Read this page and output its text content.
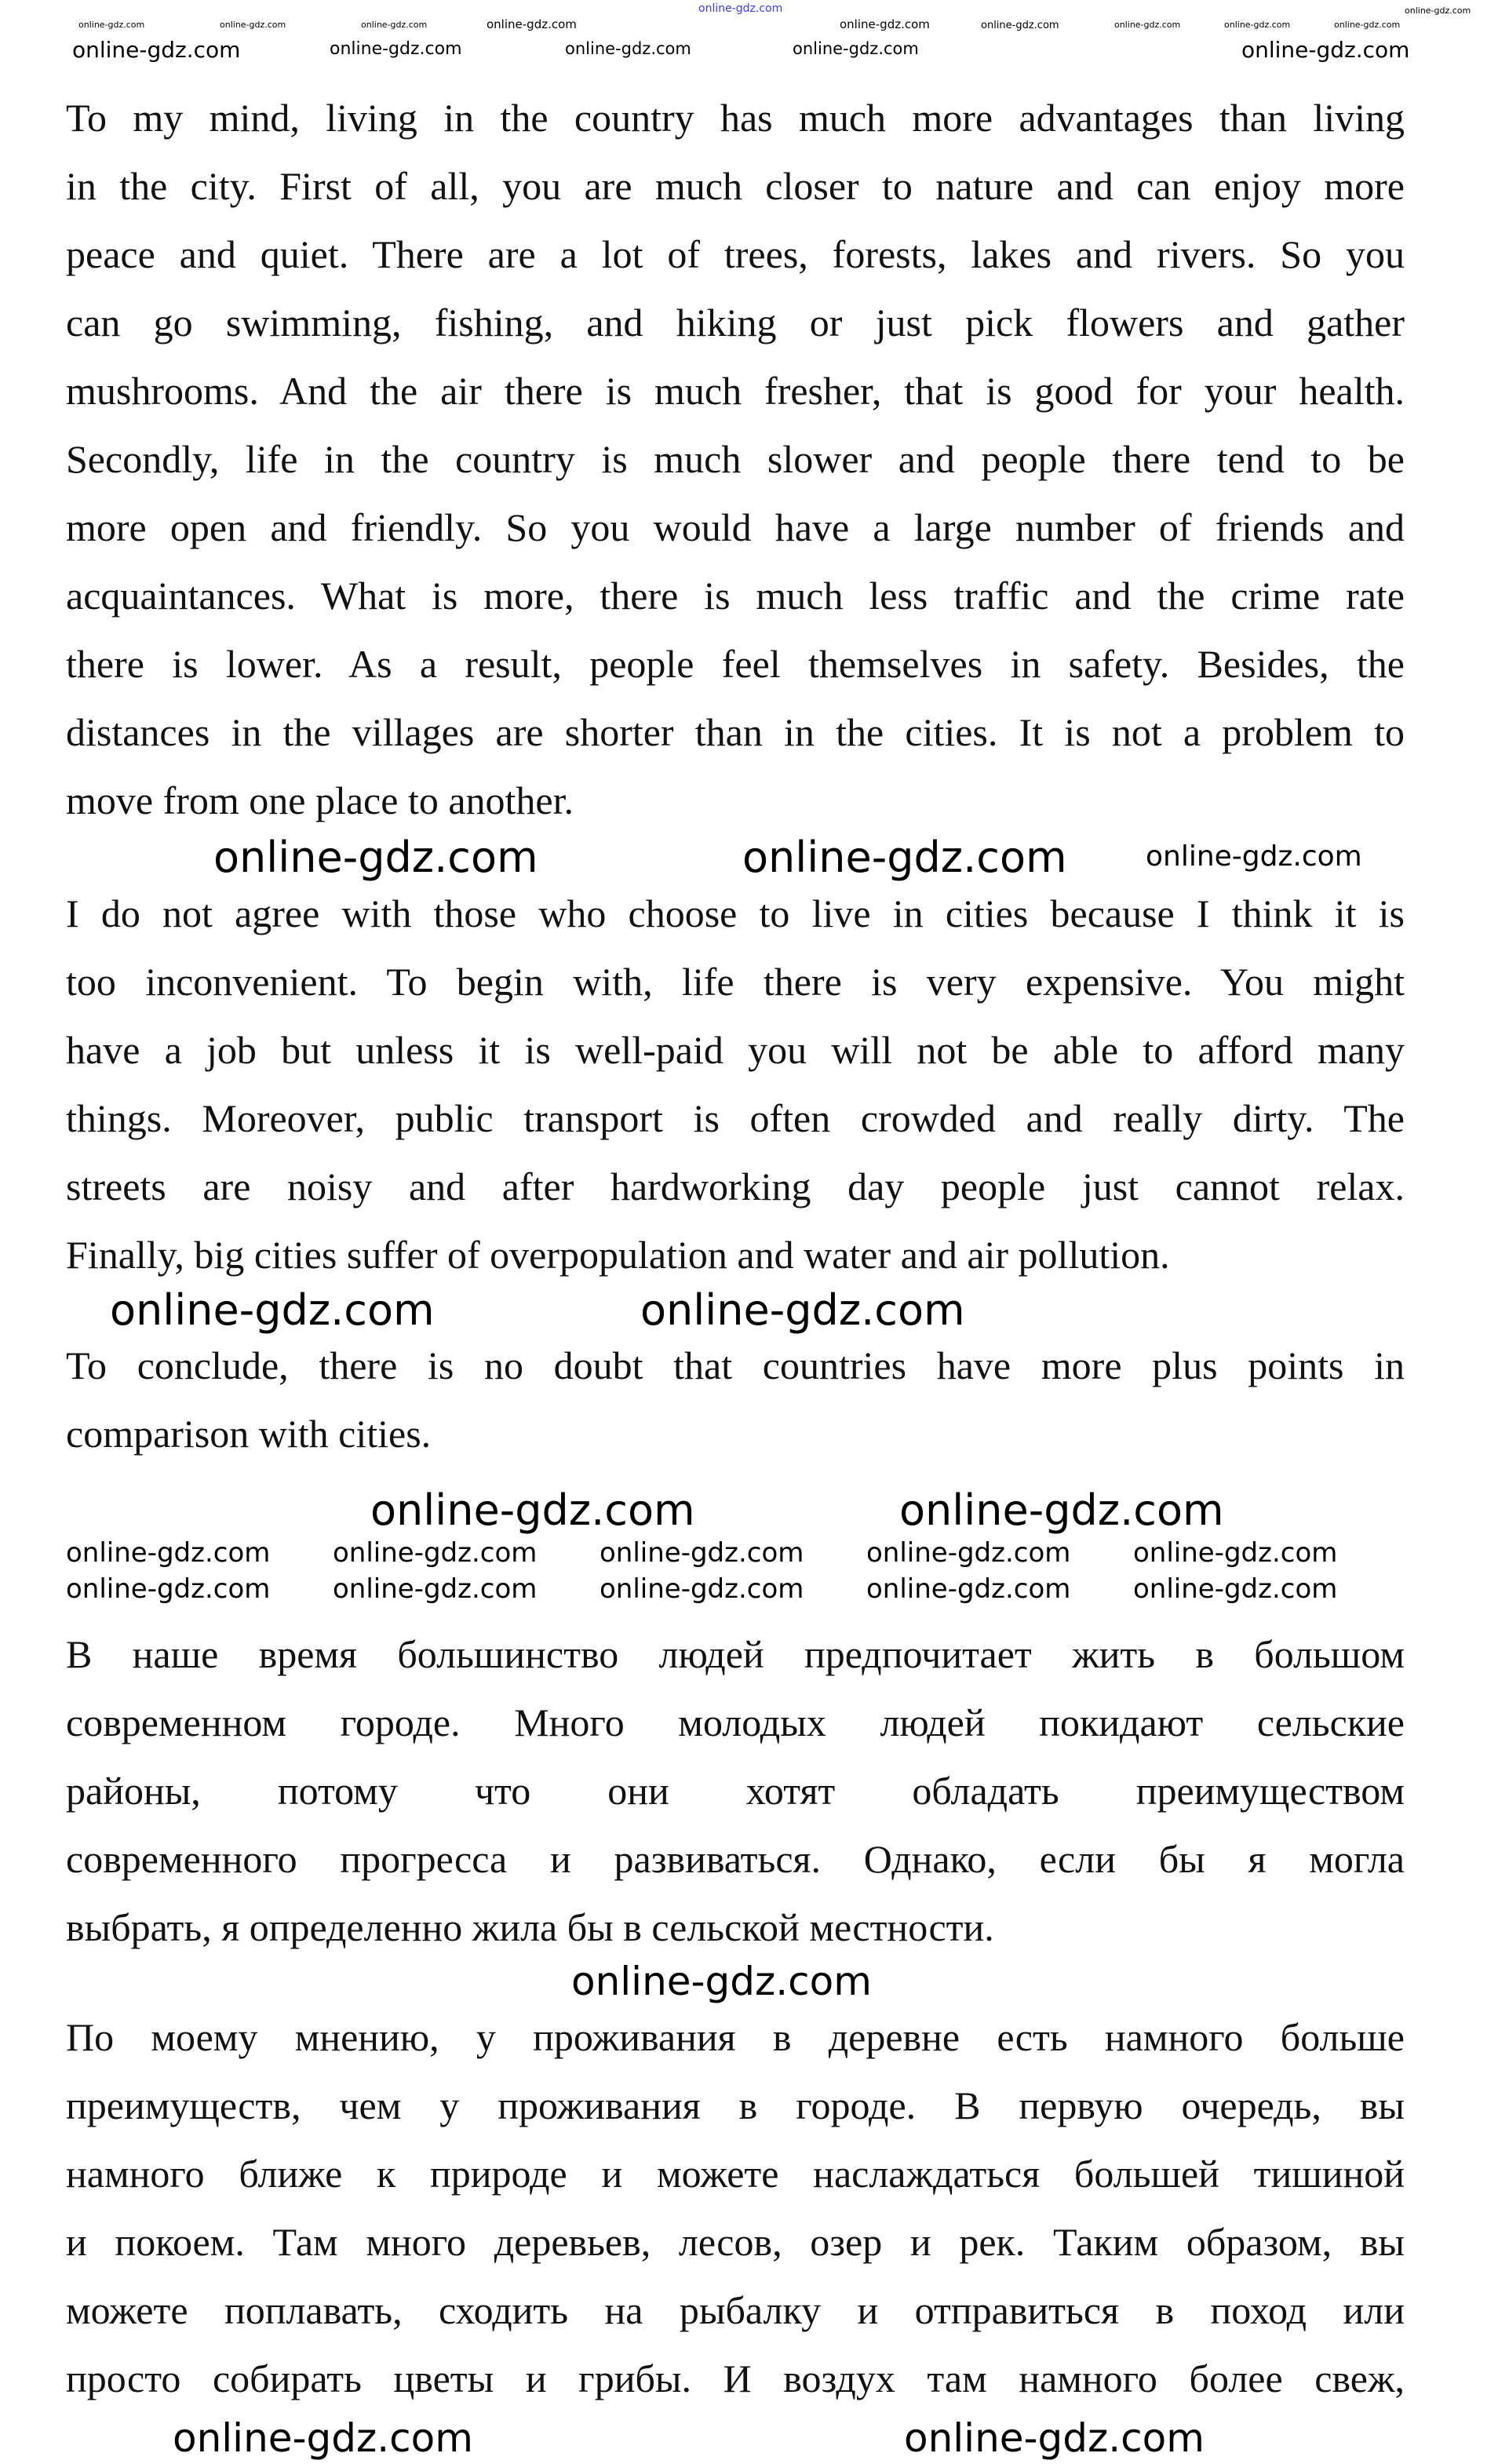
To my mind, living in the country has much more advantages than living
in the city. First of all, you are much closer to nature and can enjoy more
peace and quiet. There are a lot of trees, forests, lakes and rivers. So you
can go swimming, fishing, and hiking or just pick flowers and gather
mushrooms. And the air there is much fresher, that is good for your health.
Secondly, life in the country is much slower and people there tend to be
more open and friendly. So you would have a large number of friends and
acquaintances. What is more, there is much less traffic and the crime rate
there is lower. As a result, people feel themselves in safety. Besides, the
distances in the villages are shorter than in the cities. It is not a problem to
move from one place to another.
I do not agree with those who choose to live in cities because I think it is
too inconvenient. To begin with, life there is very expensive. You might
have a job but unless it is well-paid you will not be able to afford many
things. Moreover, public transport is often crowded and really dirty. The
streets are noisy and after hardworking day people just cannot relax.
Finally, big cities suffer of overpopulation and water and air pollution.
To conclude, there is no doubt that countries have more plus points in
comparison with cities.
В наше время большинство людей предпочитает жить в большом
современном городе. Много молодых людей покидают сельские
районы, потому что они хотят обладать преимуществом
современного прогресса и развиваться. Однако, если бы я могла
выбрать, я определенно жила бы в сельской местности.
По моему мнению, у проживания в деревне есть намного больше
преимуществ, чем у проживания в городе. В первую очередь, вы
намного ближе к природе и можете наслаждаться большей тишиной
и покоем. Там много деревьев, лесов, озер и рек. Таким образом, вы
можете поплавать, сходить на рыбалку и отправиться в поход или
просто собирать цветы и грибы. И воздух там намного более свеж,
online-gdz.com
online-gdz.com	online-gdz.com	online-gdz.com	online-gdz.com	online-gdz.com	online-gdz.com	online-gdz.com	online-gdz.com	online-gdz.com
online-gdz.com
online-gdz.com	online-gdz.com	online-gdz.com	online-gdz.com	online-gdz.com
online-gdz.com	online-gdz.com	online-gdz.com
online-gdz.com	online-gdz.com
online-gdz.com	online-gdz.com
online-gdz.com online-gdz.com online-gdz.com online-gdz.com online-gdz.com
online-gdz.com online-gdz.com online-gdz.com online-gdz.com online-gdz.com
online-gdz.com
online-gdz.com	online-gdz.com
